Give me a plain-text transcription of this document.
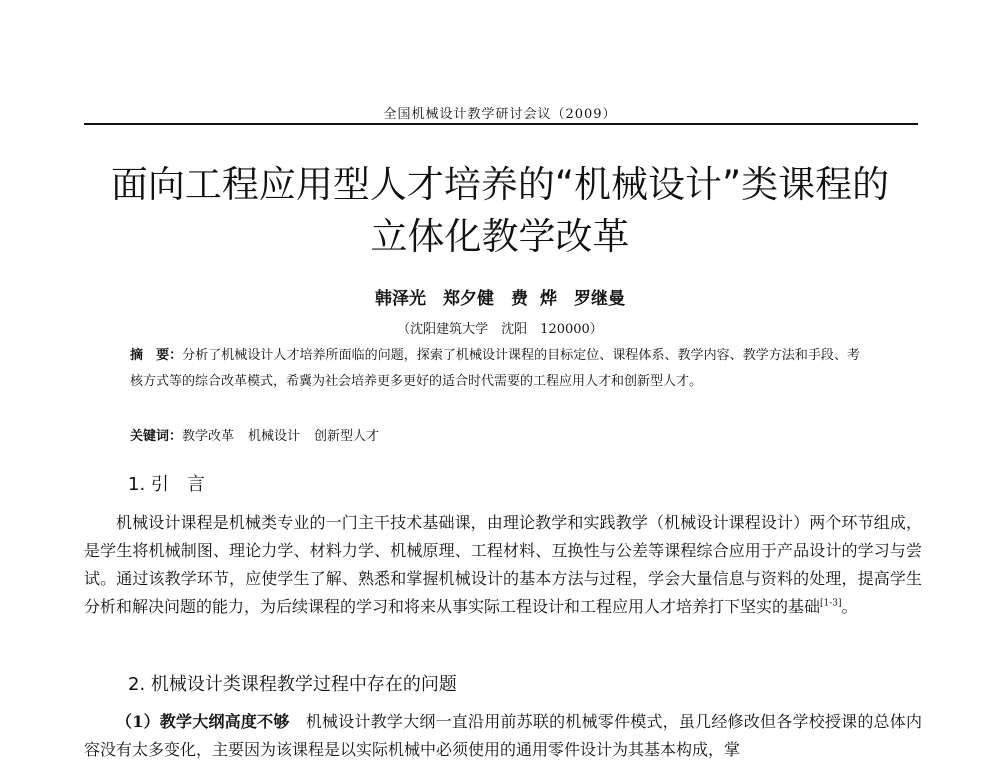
全国机械设计教学研讨会议（2009）
面向工程应用型人才培养的“机械设计”类课程的
立体化教学改革
韩泽光　郑夕健　费 烨　罗继曼
（沈阳建筑大学　沈阳　120000）
摘　要：分析了机械设计人才培养所面临的问题，探索了机械设计课程的目标定位、课程体系、教学内容、教学方法和手段、考核方式等的综合改革模式，希冀为社会培养更多更好的适合时代需要的工程应用人才和创新型人才。
关键词：教学改革 机械设计 创新型人才
1. 引　言

机械设计课程是机械类专业的一门主干技术基础课，由理论教学和实践教学（机械设计课程设计）两个环节组成，是学生将机械制图、理论力学、材料力学、机械原理、工程材料、互换性与公差等课程综合应用于产品设计的学习与尝试。通过该教学环节，应使学生了解、熟悉和掌握机械设计的基本方法与过程，学会大量信息与资料的处理，提高学生分析和解决问题的能力，为后续课程的学习和将来从事实际工程设计和工程应用人才培养打下坚实的基础[1-3]。

2. 机械设计类课程教学过程中存在的问题

（1）教学大纲高度不够　 机械设计教学大纲一直沿用前苏联的机械零件模式，虽几经修改但各学校授课的总体内容没有太多变化，主要因为该课程是以实际机械中必须使用的通用零件设计为其基本构成，掌
